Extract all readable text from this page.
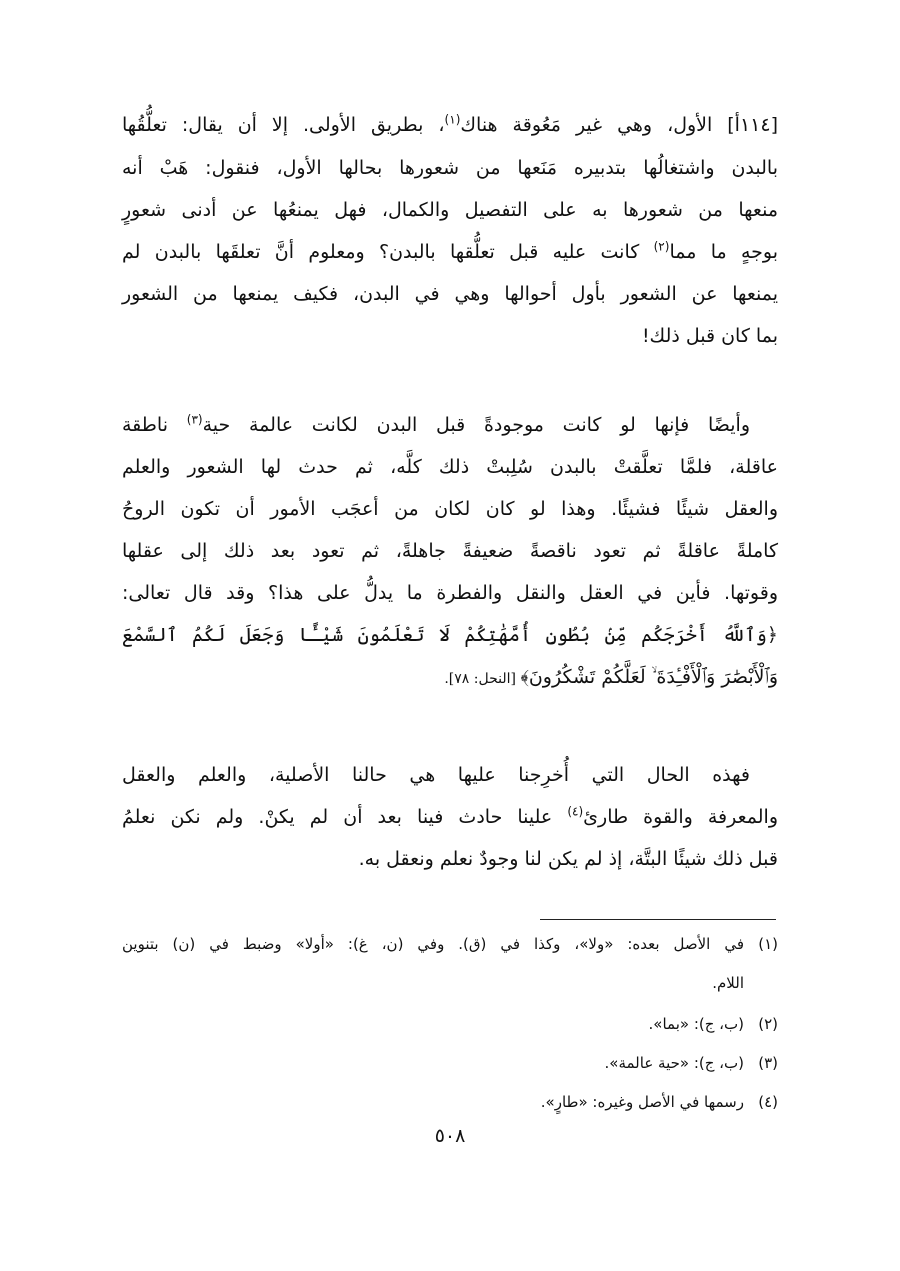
[١١٤أ] الأول، وهي غير مَعُوقة هناك$^{(١)}$، بطريق الأولى. إلا أن يقال: تعلُّقُها
بالبدن واشتغالُها بتدبيره مَنَعها من شعورها بحالها الأول، فنقول: هَبْ أنه
منعها من شعورها به على التفصيل والكمال، فهل يمنعُها عن أدنى شعورٍ
بوجهٍ ما مما$^{(٢)}$ كانت عليه قبل تعلُّقها بالبدن؟ ومعلوم أنَّ تعلقَها بالبدن لم
يمنعها عن الشعور بأول أحوالها وهي في البدن، فكيف يمنعها من الشعور
بما كان قبل ذلك!
وأيضًا فإنها لو كانت موجودةً قبل البدن لكانت عالمة حية$^{(٣)}$ ناطقة
عاقلة، فلمَّا تعلَّقتْ بالبدن سُلِبتْ ذلك كلَّه، ثم حدث لها الشعور والعلم
والعقل شيئًا فشيئًا. وهذا لو كان لكان من أعجَب الأمور أن تكون الروحُ
كاملةً عاقلةً ثم تعود ناقصةً ضعيفةً جاهلةً، ثم تعود بعد ذلك إلى عقلها
وقوتها. فأين في العقل والنقل والفطرة ما يدلُّ على هذا؟ وقد قال تعالى:
﴿وَٱللَّهُ أَخْرَجَكُم مِّنۢ بُطُونِ أُمَّهَٰتِكُمْ لَا تَعْلَمُونَ شَيْـًٔا وَجَعَلَ لَكُمُ ٱلسَّمْعَ
وَٱلْأَبْصَٰرَ وَٱلْأَفْـِٔدَةَ ۙ لَعَلَّكُمْ تَشْكُرُونَ﴾ [النحل: ٧٨].
فهذه الحال التي أُخرِجنا عليها هي حالنا الأصلية، والعلم والعقل
والمعرفة والقوة طارئ$^{(٤)}$ علينا حادث فينا بعد أن لم يكنْ. ولم نكن نعلمُ
قبل ذلك شيئًا البتَّة، إذ لم يكن لنا وجودٌ نعلم ونعقل به.
(١)
في الأصل بعده: «ولا»، وكذا في (ق). وفي (ن، غ): «أولا» وضبط في (ن) بتنوين
اللام.
(٢)
(ب، ج): «بما».
(٣)
(ب، ج): «حية عالمة».
(٤)
رسمها في الأصل وغيره: «طارٍ».
٥٠٨
